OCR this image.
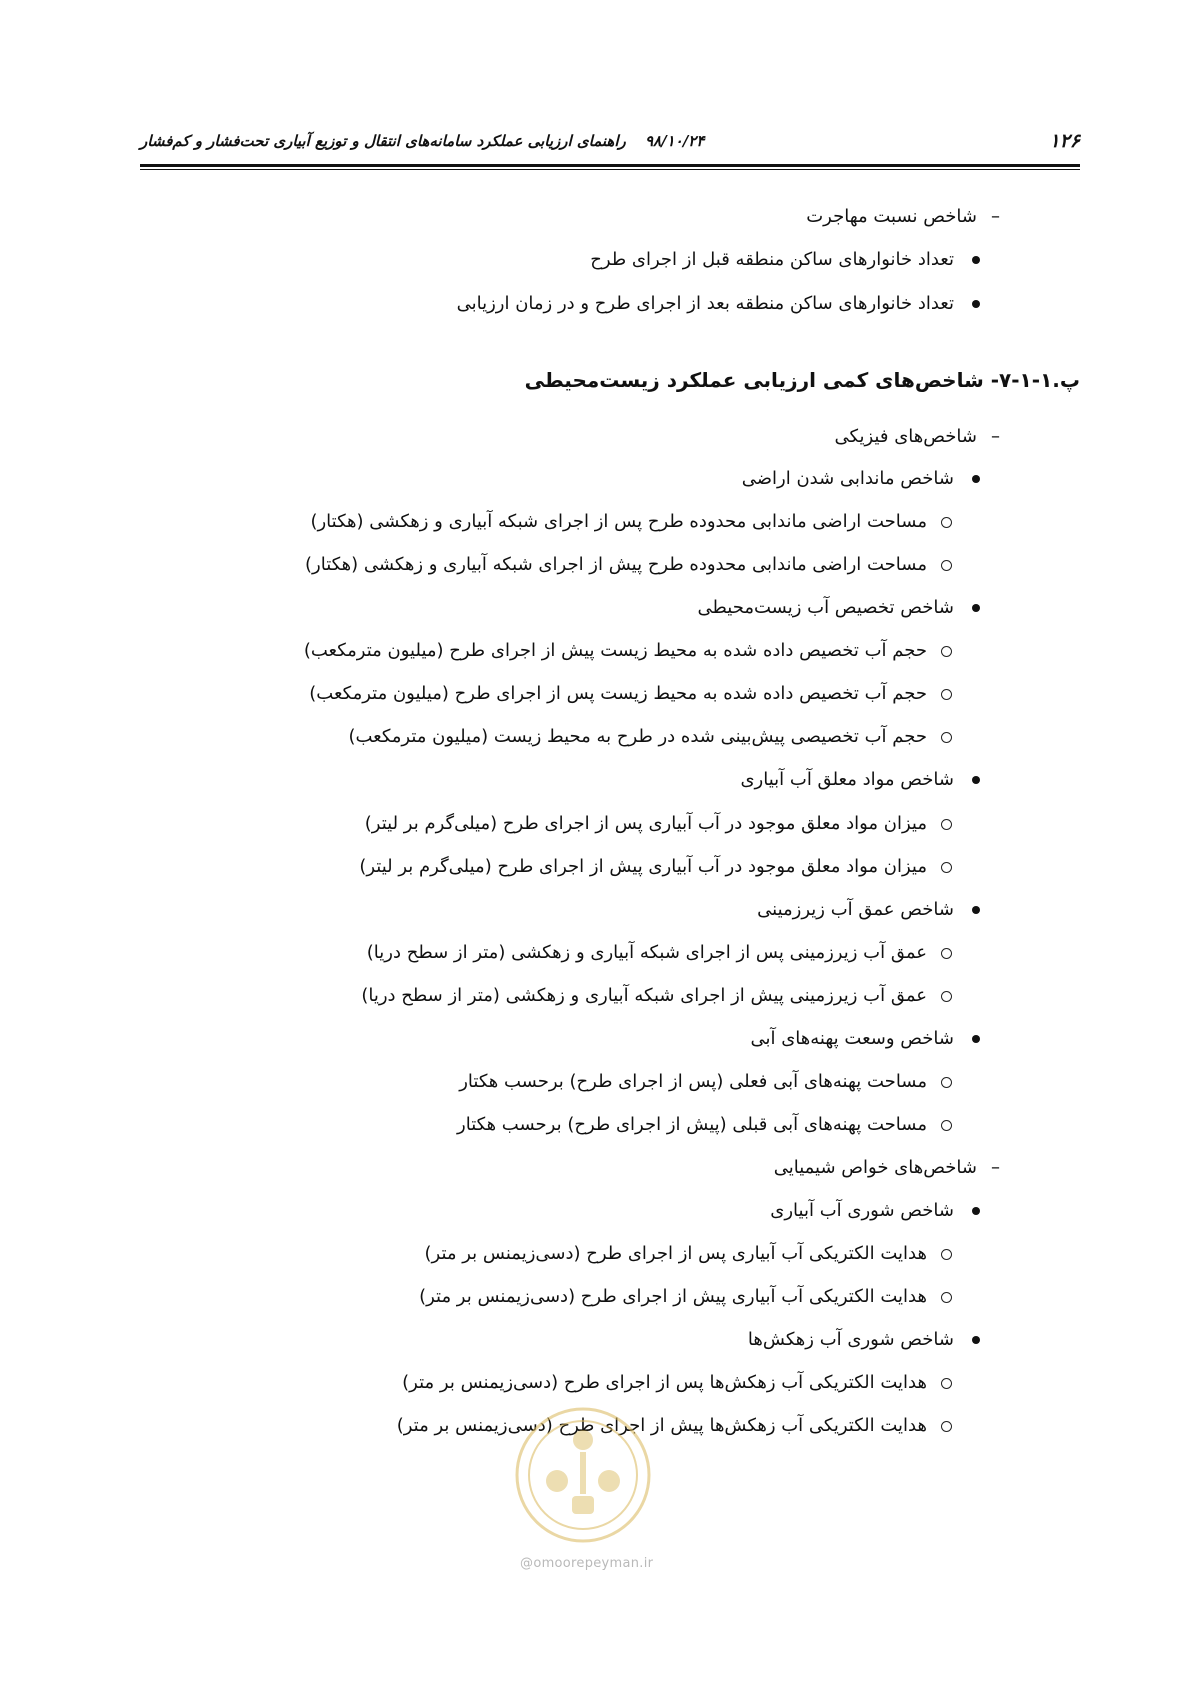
۱۲۶
۹۸/۱۰/۲۴ راهنمای ارزیابی عملکرد سامانه‌های انتقال و توزیع آبیاری تحت‌فشار و کم‌فشار
–شاخص نسبت مهاجرت
تعداد خانوارهای ساکن منطقه قبل از اجرای طرح
تعداد خانوارهای ساکن منطقه بعد از اجرای طرح و در زمان ارزیابی
پ.۱-۱-۷- شاخص‌های کمی ارزیابی عملکرد زیست‌محیطی
–شاخص‌های فیزیکی
شاخص ماندابی شدن اراضی
مساحت اراضی ماندابی محدوده طرح پس از اجرای شبکه آبیاری و زهکشی (هکتار)
مساحت اراضی ماندابی محدوده طرح پیش از اجرای شبکه آبیاری و زهکشی (هکتار)
شاخص تخصیص آب زیست‌محیطی
حجم آب تخصیص داده شده به محیط زیست پیش از اجرای طرح (میلیون مترمکعب)
حجم آب تخصیص داده شده به محیط زیست پس از اجرای طرح (میلیون مترمکعب)
حجم آب تخصیصی پیش‌بینی شده در طرح به محیط زیست (میلیون مترمکعب)
شاخص مواد معلق آب آبیاری
میزان مواد معلق موجود در آب آبیاری پس از اجرای طرح (میلی‌گرم بر لیتر)
میزان مواد معلق موجود در آب آبیاری پیش از اجرای طرح (میلی‌گرم بر لیتر)
شاخص عمق آب زیرزمینی
عمق آب زیرزمینی پس از اجرای شبکه آبیاری و زهکشی (متر از سطح دریا)
عمق آب زیرزمینی پیش از اجرای شبکه آبیاری و زهکشی (متر از سطح دریا)
شاخص وسعت پهنه‌های آبی
مساحت پهنه‌های آبی فعلی (پس از اجرای طرح) برحسب هکتار
مساحت پهنه‌های آبی قبلی (پیش از اجرای طرح) برحسب هکتار
–شاخص‌های خواص شیمیایی
شاخص شوری آب آبیاری
هدایت الکتریکی آب آبیاری پس از اجرای طرح (دسی‌زیمنس بر متر)
هدایت الکتریکی آب آبیاری پیش از اجرای طرح (دسی‌زیمنس بر متر)
شاخص شوری آب زهکش‌ها
هدایت الکتریکی آب زهکش‌ها پس از اجرای طرح (دسی‌زیمنس بر متر)
هدایت الکتریکی آب زهکش‌ها پیش از اجرای طرح (دسی‌زیمنس بر متر)
@omoorepeyman.ir
